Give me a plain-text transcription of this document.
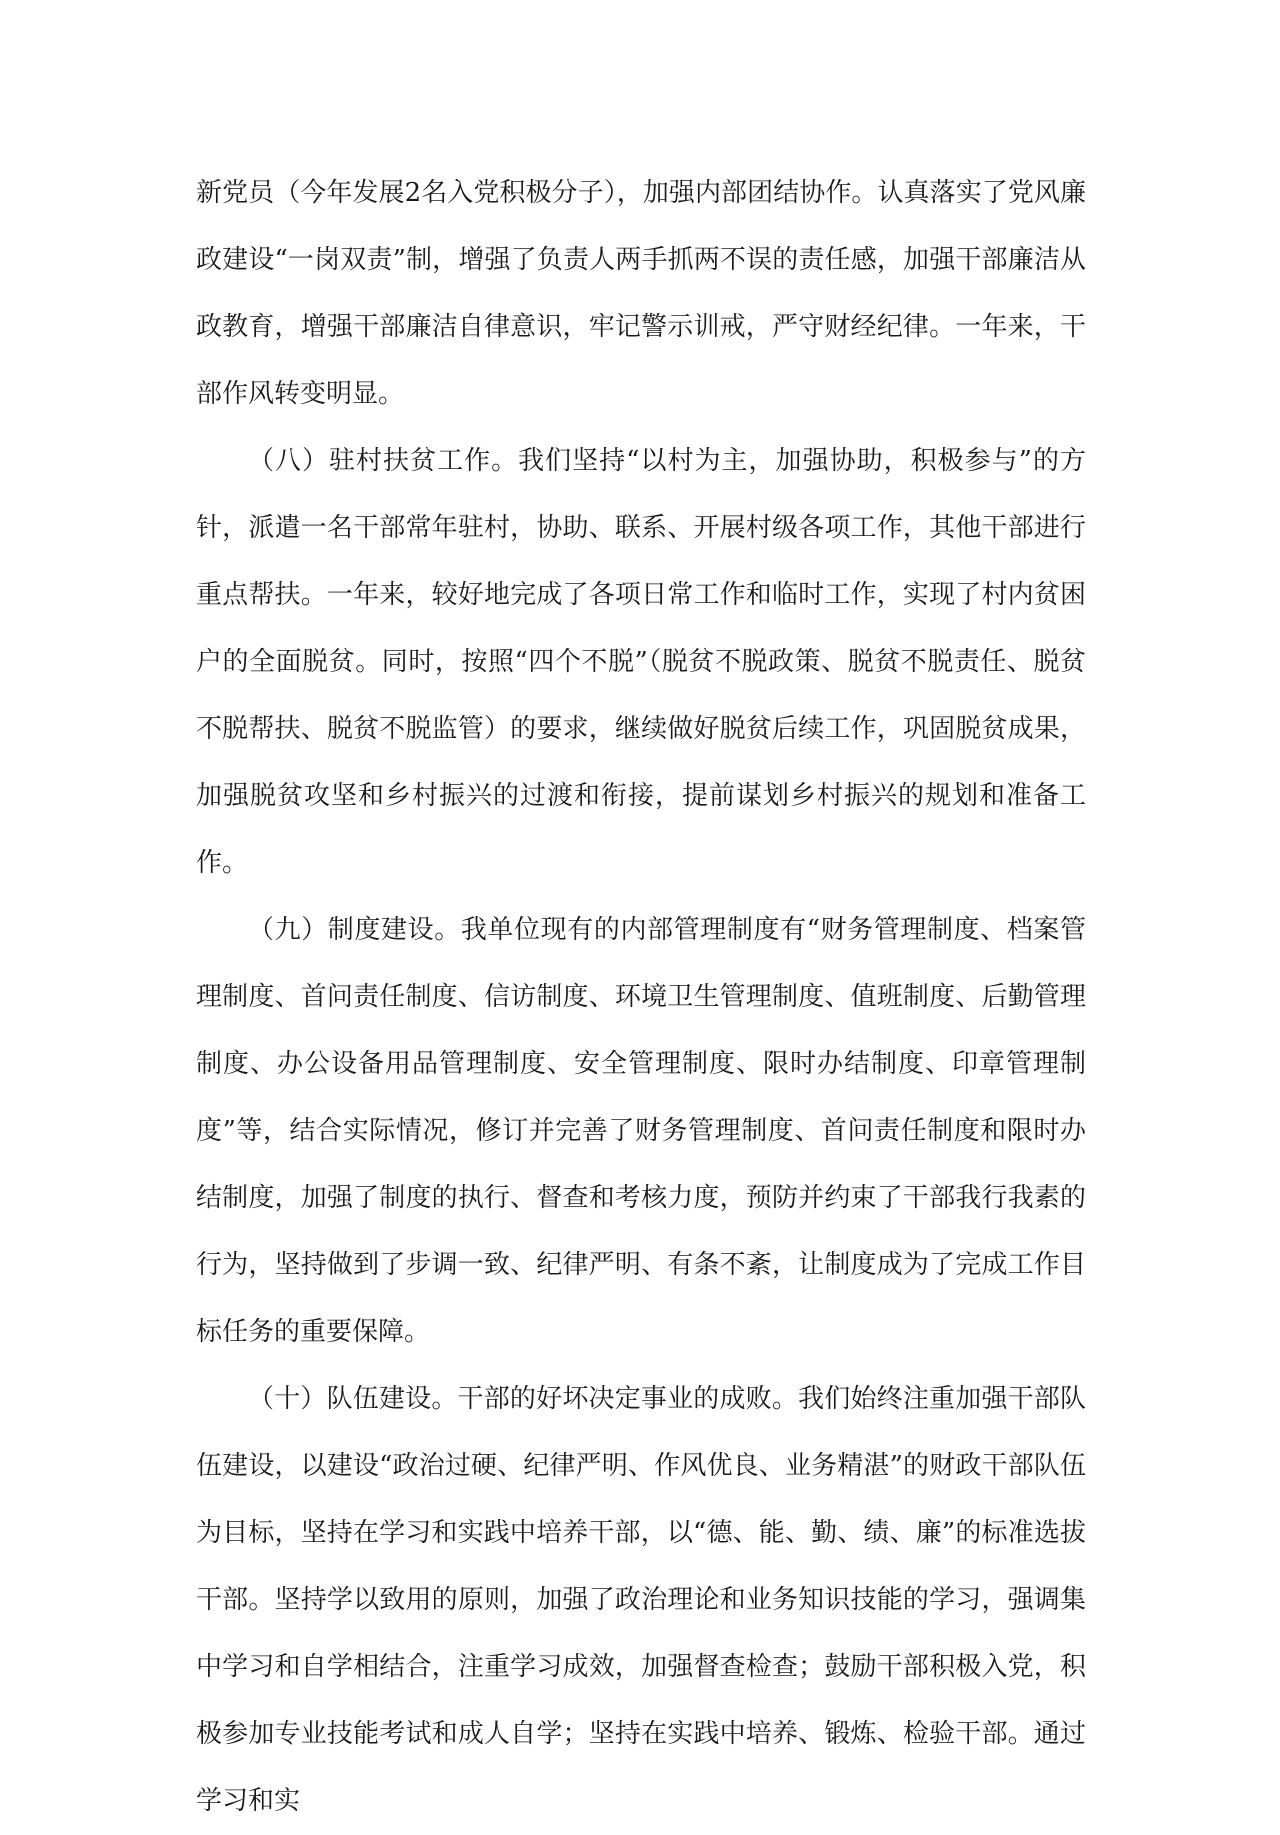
新党员（今年发展2名入党积极分子），加强内部团结协作。认真落实了党风廉政建设“一岗双责”制，增强了负责人两手抓两不误的责任感，加强干部廉洁从政教育，增强干部廉洁自律意识，牢记警示训戒，严守财经纪律。一年来，干部作风转变明显。

（八）驻村扶贫工作。我们坚持“以村为主，加强协助，积极参与”的方针，派遣一名干部常年驻村，协助、联系、开展村级各项工作，其他干部进行重点帮扶。一年来，较好地完成了各项日常工作和临时工作，实现了村内贫困户的全面脱贫。同时，按照“四个不脱”（脱贫不脱政策、脱贫不脱责任、脱贫不脱帮扶、脱贫不脱监管）的要求，继续做好脱贫后续工作，巩固脱贫成果，加强脱贫攻坚和乡村振兴的过渡和衔接，提前谋划乡村振兴的规划和准备工作。

（九）制度建设。我单位现有的内部管理制度有“财务管理制度、档案管理制度、首问责任制度、信访制度、环境卫生管理制度、值班制度、后勤管理制度、办公设备用品管理制度、安全管理制度、限时办结制度、印章管理制度”等，结合实际情况，修订并完善了财务管理制度、首问责任制度和限时办结制度，加强了制度的执行、督查和考核力度，预防并约束了干部我行我素的行为，坚持做到了步调一致、纪律严明、有条不紊，让制度成为了完成工作目标任务的重要保障。

（十）队伍建设。干部的好坏决定事业的成败。我们始终注重加强干部队伍建设，以建设“政治过硬、纪律严明、作风优良、业务精湛”的财政干部队伍为目标，坚持在学习和实践中培养干部，以“德、能、勤、绩、廉”的标准选拔干部。坚持学以致用的原则，加强了政治理论和业务知识技能的学习，强调集中学习和自学相结合，注重学习成效，加强督查检查；鼓励干部积极入党，积极参加专业技能考试和成人自学；坚持在实践中培养、锻炼、检验干部。通过学习和实
